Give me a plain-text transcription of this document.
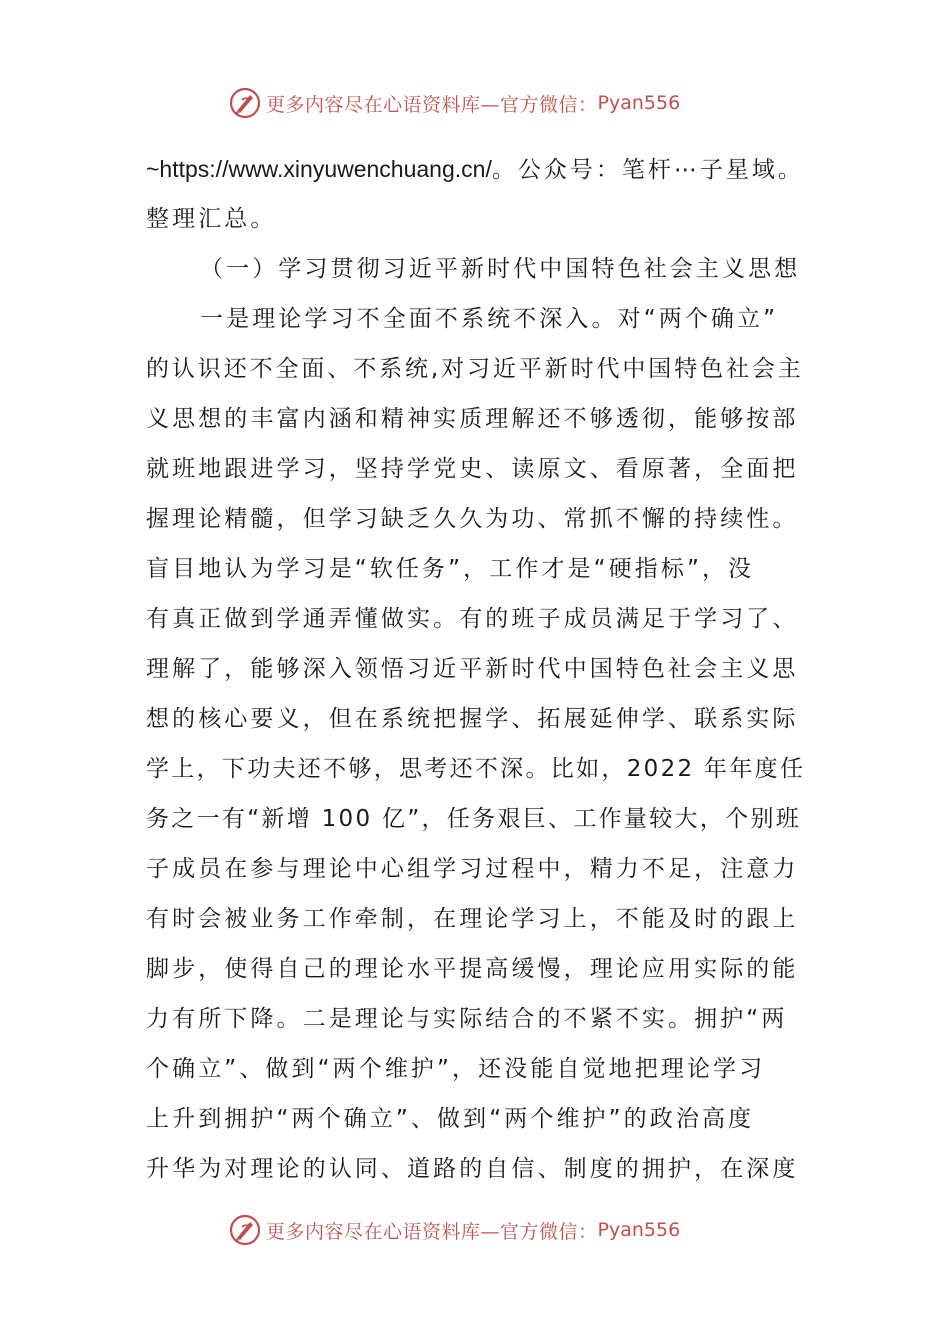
更多内容尽在心语资料库—官方微信： Pyan556
~https://www.xinyuwenchuang.cn/。公众号：笔杆⋯子星域。
整理汇总。
（一）学习贯彻习近平新时代中国特色社会主义思想
一是理论学习不全面不系统不深入。对“两个确立”
的认识还不全面、不系统,对习近平新时代中国特色社会主
义思想的丰富内涵和精神实质理解还不够透彻，能够按部
就班地跟进学习，坚持学党史、读原文、看原著，全面把
握理论精髓，但学习缺乏久久为功、常抓不懈的持续性。
盲目地认为学习是“软任务”，工作才是“硬指标”，没
有真正做到学通弄懂做实。有的班子成员满足于学习了、
理解了，能够深入领悟习近平新时代中国特色社会主义思
想的核心要义，但在系统把握学、拓展延伸学、联系实际
学上，下功夫还不够，思考还不深。比如，2022 年年度任
务之一有“新增 100 亿”，任务艰巨、工作量较大，个别班
子成员在参与理论中心组学习过程中，精力不足，注意力
有时会被业务工作牵制，在理论学习上，不能及时的跟上
脚步，使得自己的理论水平提高缓慢，理论应用实际的能
力有所下降。二是理论与实际结合的不紧不实。拥护“两
个确立”、做到“两个维护”，还没能自觉地把理论学习
上升到拥护“两个确立”、做到“两个维护”的政治高度
升华为对理论的认同、道路的自信、制度的拥护，在深度
更多内容尽在心语资料库—官方微信： Pyan556
